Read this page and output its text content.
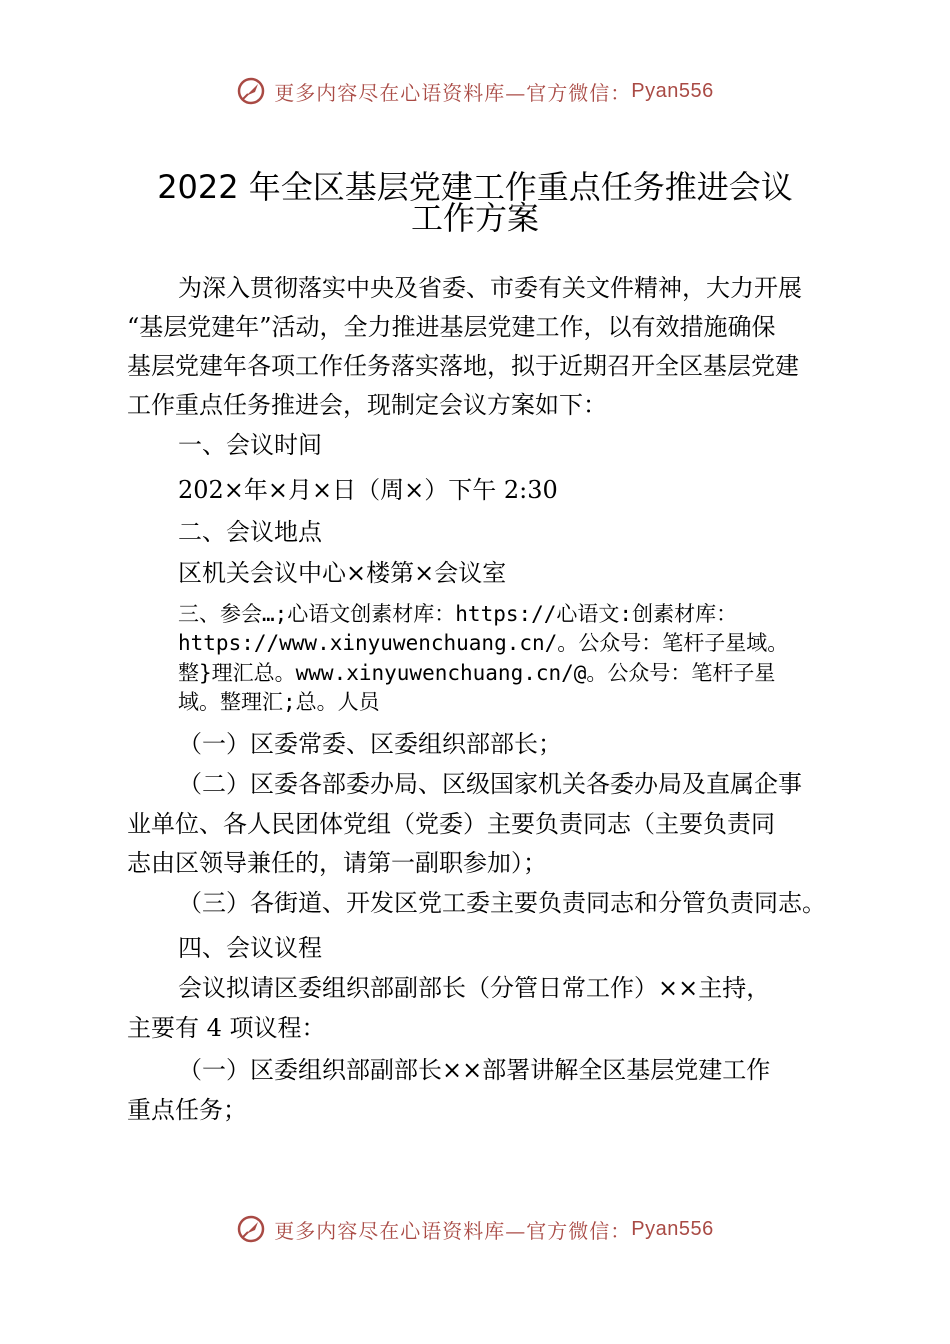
更多内容尽在心语资料库—官方微信： Pyan556
2022 年全区基层党建工作重点任务推进会议
工作方案
为深入贯彻落实中央及省委、市委有关文件精神，大力开展
“基层党建年”活动，全力推进基层党建工作，以有效措施确保
基层党建年各项工作任务落实落地，拟于近期召开全区基层党建
工作重点任务推进会，现制定会议方案如下：
一、会议时间
202×年×月×日（周×）下午 2:30
二、会议地点
区机关会议中心×楼第×会议室
三、参会…;心语文创素材库：https://心语文:创素材库：
https://www.xinyuwenchuang.cn/。公众号：笔杆子星域。
整}理汇总。www.xinyuwenchuang.cn/@。公众号：笔杆子星
域。整理汇;总。人员
（一）区委常委、区委组织部部长；
（二）区委各部委办局、区级国家机关各委办局及直属企事
业单位、各人民团体党组（党委）主要负责同志（主要负责同
志由区领导兼任的，请第一副职参加）；
（三）各街道、开发区党工委主要负责同志和分管负责同志。
四、会议议程
会议拟请区委组织部副部长（分管日常工作）××主持，
主要有 4 项议程：
（一）区委组织部副部长××部署讲解全区基层党建工作
重点任务；
更多内容尽在心语资料库—官方微信： Pyan556
